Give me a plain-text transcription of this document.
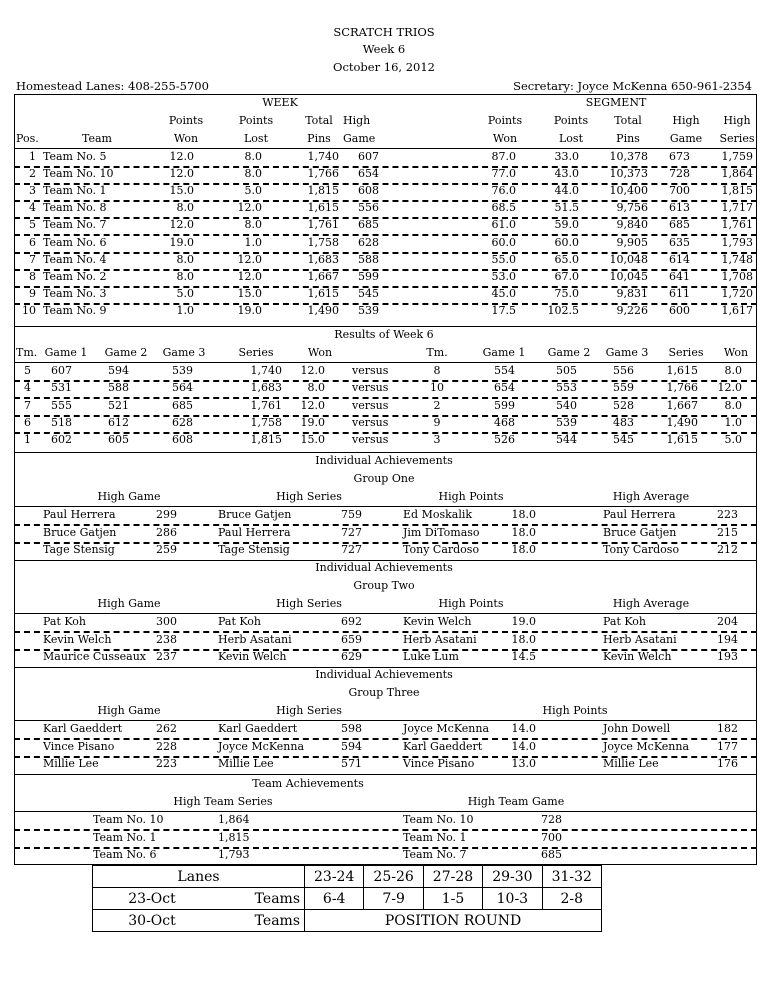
SCRATCH TRIOS
Week 6
October 16, 2012
Homestead Lanes: 408-255-5700	Secretary: Joyce McKenna 650-961-2354
WEEK	SEGMENT
Points	Points	Total High	Points	Points	Total	High	High
Pos.	Team	Won	Lost	Pins	Game	Won	Lost	Pins	Game	Series
1 Team No. 5	12.0	8.0	1,740 607	87.0	33.0	10,378	673	1,759
2 Team No. 10	12.0	8.0	1,766 654	77.0	43.0	10,373	728	1,864
3 Team No. 1	15.0	5.0	1,815 608	76.0	44.0	10,400	700	1,815
4 Team No. 8	8.0	12.0	1,615 556	68.5	51.5	9,756	613	1,717
5 Team No. 7	12.0	8.0	1,761 685	61.0	59.0	9,840	685	1,761
6 Team No. 6	19.0	1.0	1,758 628	60.0	60.0	9,905	635	1,793
7 Team No. 4	8.0	12.0	1,683 588	55.0	65.0	10,048	614	1,748
8 Team No. 2	8.0	12.0	1,667 599	53.0	67.0	10,045	641	1,708
9 Team No. 3	5.0	15.0	1,615 545	45.0	75.0	9,831	611	1,720
10 Team No. 9	1.0	19.0	1,490 539	17.5	102.5	9,226	600	1,617
Results of Week 6
Tm. Game 1	Game 2	Game 3	Series	Won	Tm.	Game 1	Game 2	Game 3	Series	Won
5	607	594	539	1,740	12.0 versus	8	554	505	556	1,615	8.0
4	531	588	564	1,683	8.0 versus	10	654	553	559	1,766	12.0
7	555	521	685	1,761	12.0 versus	2	599	540	528	1,667	8.0
6	518	612	628	1,758	19.0 versus	9	468	539	483	1,490	1.0
1	602	605	608	1,815	15.0 versus	3	526	544	545	1,615	5.0
Individual Achievements
Group One
High Game	High Series	High Points	High Average
Paul Herrera	299	Bruce Gatjen	759	Ed Moskalik	18.0	Paul Herrera	223
Bruce Gatjen	286	Paul Herrera	727	Jim DiTomaso	18.0	Bruce Gatjen	215
Tage Stensig	259	Tage Stensig	727	Tony Cardoso	18.0	Tony Cardoso	212
Individual Achievements
Group Two
High Game	High Series	High Points	High Average
Pat Koh	300	Pat Koh	692	Kevin Welch	19.0	Pat Koh	204
Kevin Welch	238	Herb Asatani	659	Herb Asatani	18.0	Herb Asatani	194
Maurice Cusseaux 237	Kevin Welch	629	Luke Lum	14.5	Kevin Welch	193
Individual Achievements
Group Three
High Game	High Series	High Points
Karl Gaeddert	262	Karl Gaeddert	598	Joyce McKenna	14.0	John Dowell	182
Vince Pisano	228	Joyce McKenna	594	Karl Gaeddert	14.0	Joyce McKenna	177
Millie Lee	223	Millie Lee	571	Vince Pisano	13.0	Millie Lee	176
Team Achievements
High Team Series	High Team Game
Team No. 10	1,864	Team No. 10	728
Team No. 1	1,815	Team No. 1	700
Team No. 6	1,793	Team No. 7	685
Lanes		23-24	25-26	27-28	29-30	31-32
23-Oct	Teams	6-4	7-9	1-5	10-3	2-8
30-Oct	Teams	POSITION ROUND				
